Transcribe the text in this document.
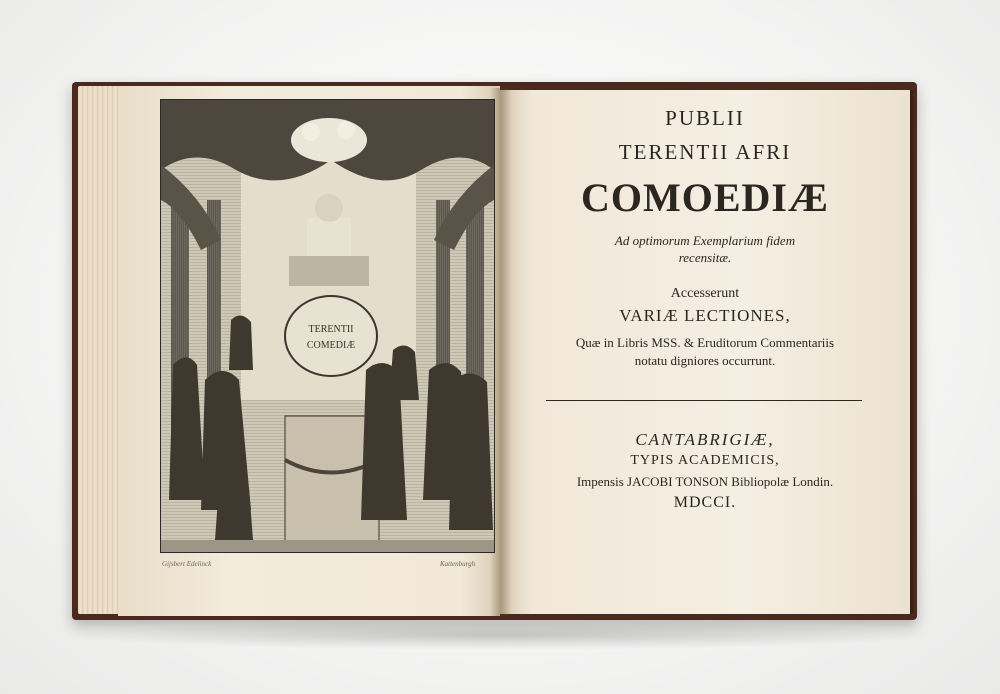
TERENTII
COMEDIÆ
Gijsbert Edelinck	Kattenburgh
PUBLII
TERENTII AFRI
COMOEDIÆ
Ad optimorum Exemplarium fidem
recensitæ.
Accesserunt
VARIÆ LECTIONES,
Quæ in Libris MSS. & Eruditorum Commentariis
notatu digniores occurrunt.
CANTABRIGIÆ,
TYPIS ACADEMICIS,
Impensis JACOBI TONSON Bibliopolæ Londin.
MDCCI.
